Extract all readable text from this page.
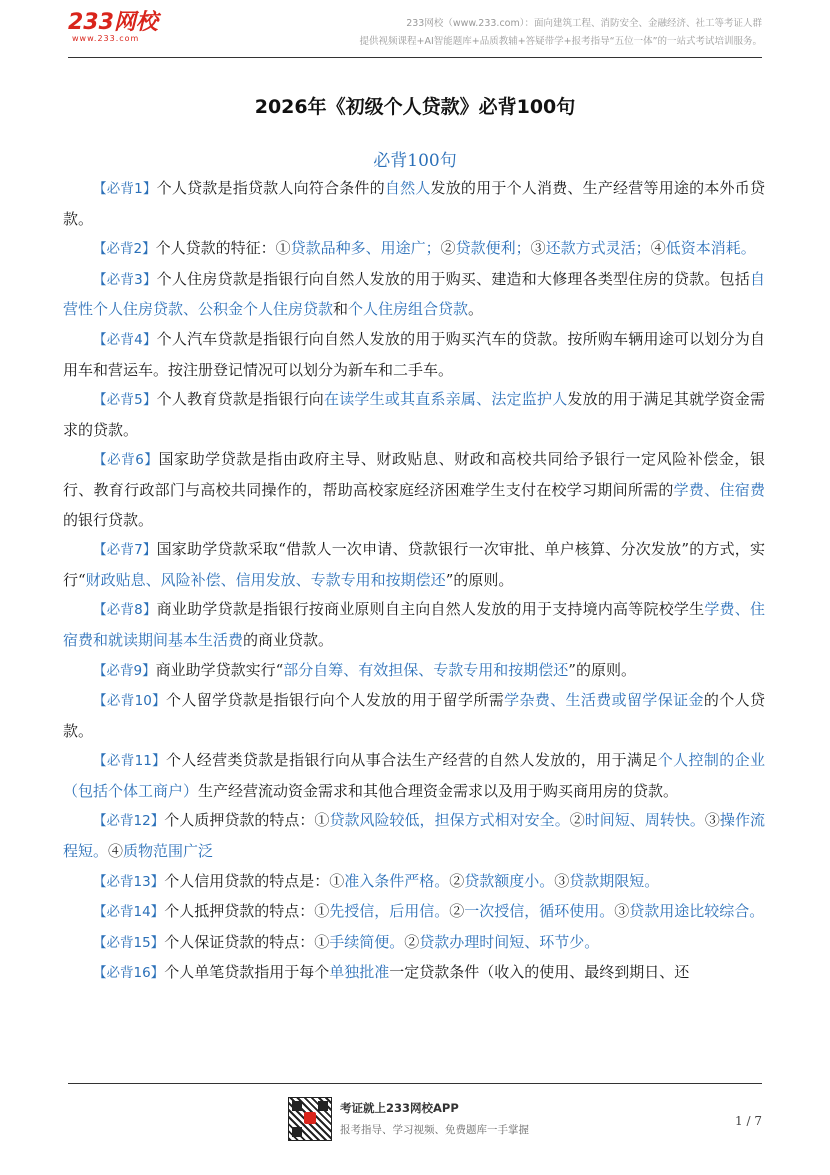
233网校
www.233.com
233网校（www.233.com）：面向建筑工程、消防安全、金融经济、社工等考证人群
提供视频课程+AI智能题库+品质教辅+答疑带学+报考指导“五位一体”的一站式考试培训服务。
2026年《初级个人贷款》必背100句
必背100句

【必背1】个人贷款是指贷款人向符合条件的自然人发放的用于个人消费、生产经营等用途的本外币贷款。

【必背2】个人贷款的特征：①贷款品种多、用途广；②贷款便利；③还款方式灵活；④低资本消耗。

【必背3】个人住房贷款是指银行向自然人发放的用于购买、建造和大修理各类型住房的贷款。包括自营性个人住房贷款、公积金个人住房贷款和个人住房组合贷款。

【必背4】个人汽车贷款是指银行向自然人发放的用于购买汽车的贷款。按所购车辆用途可以划分为自用车和营运车。按注册登记情况可以划分为新车和二手车。

【必背5】个人教育贷款是指银行向在读学生或其直系亲属、法定监护人发放的用于满足其就学资金需求的贷款。

【必背6】国家助学贷款是指由政府主导、财政贴息、财政和高校共同给予银行一定风险补偿金，银行、教育行政部门与高校共同操作的，帮助高校家庭经济困难学生支付在校学习期间所需的学费、住宿费的银行贷款。

【必背7】国家助学贷款采取“借款人一次申请、贷款银行一次审批、单户核算、分次发放”的方式，实行“财政贴息、风险补偿、信用发放、专款专用和按期偿还”的原则。

【必背8】商业助学贷款是指银行按商业原则自主向自然人发放的用于支持境内高等院校学生学费、住宿费和就读期间基本生活费的商业贷款。

【必背9】商业助学贷款实行“部分自筹、有效担保、专款专用和按期偿还”的原则。

【必背10】个人留学贷款是指银行向个人发放的用于留学所需学杂费、生活费或留学保证金的个人贷款。

【必背11】个人经营类贷款是指银行向从事合法生产经营的自然人发放的，用于满足个人控制的企业（包括个体工商户）生产经营流动资金需求和其他合理资金需求以及用于购买商用房的贷款。

【必背12】个人质押贷款的特点：①贷款风险较低，担保方式相对安全。②时间短、周转快。③操作流程短。④质物范围广泛

【必背13】个人信用贷款的特点是：①准入条件严格。②贷款额度小。③贷款期限短。

【必背14】个人抵押贷款的特点：①先授信，后用信。②一次授信，循环使用。③贷款用途比较综合。

【必背15】个人保证贷款的特点：①手续简便。②贷款办理时间短、环节少。

【必背16】个人单笔贷款指用于每个单独批准一定贷款条件（收入的使用、最终到期日、还

考证就上233网校APP
报考指导、学习视频、免费题库一手掌握
1 / 7
